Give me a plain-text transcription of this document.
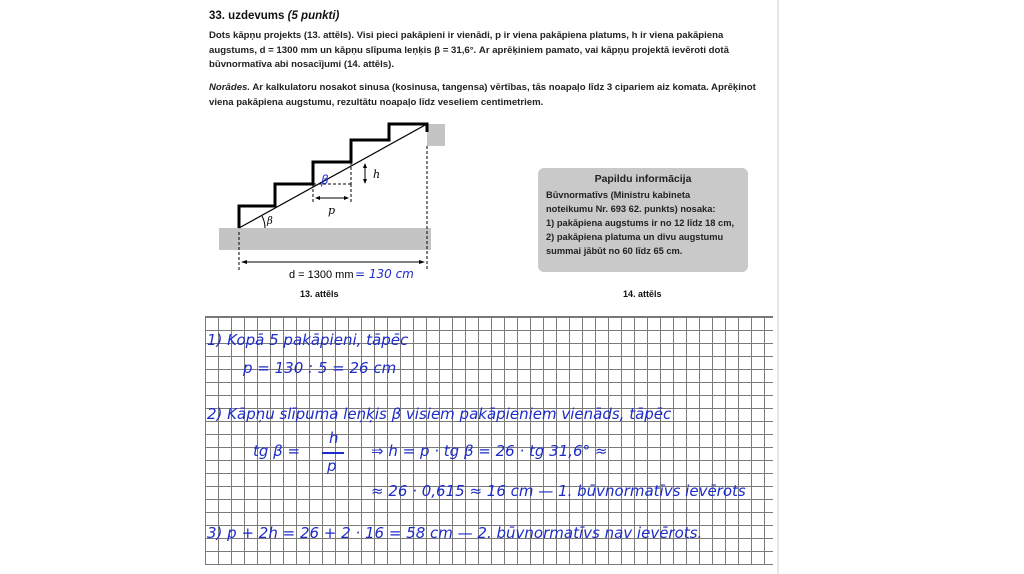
33. uzdevums (5 punkti)
Dots kāpņu projekts (13. attēls). Visi pieci pakāpieni ir vienādi, p ir viena pakāpiena platums, h ir viena pakāpiena augstums, d = 1300 mm un kāpņu slīpuma leņķis β = 31,6°. Ar aprēķiniem pamato, vai kāpņu projektā ievēroti dotā būvnormatīva abi nosacījumi (14. attēls).
Norādes. Ar kalkulatoru nosakot sinusa (kosinusa, tangensa) vērtības, tās noapaļo līdz 3 cipariem aiz komata. Aprēķinot viena pakāpiena augstumu, rezultātu noapaļo līdz veseliem centimetriem.
β
p
h
β
d = 1300 mm = 130 cm
13. attēls
Papildu informācija
Būvnormatīvs (Ministru kabineta
noteikumu Nr. 693 62. punkts) nosaka:
1) pakāpiena augstums ir no 12 līdz 18 cm,
2) pakāpiena platuma un divu augstumu
summai jābūt no 60 līdz 65 cm.
14. attēls
1) Kopā 5 pakāpieni, tāpēc
p = 130 : 5 = 26 cm
2) Kāpņu slīpuma leņķis β visiem pakāpieniem vienāds, tāpēc
tg β =
h
p
⇒ h = p · tg β = 26 · tg 31,6° ≈
≈ 26 · 0,615 ≈ 16 cm — 1. būvnormatīvs ievērots
3) p + 2h = 26 + 2 · 16 = 58 cm — 2. būvnormatīvs nav ievērots.
